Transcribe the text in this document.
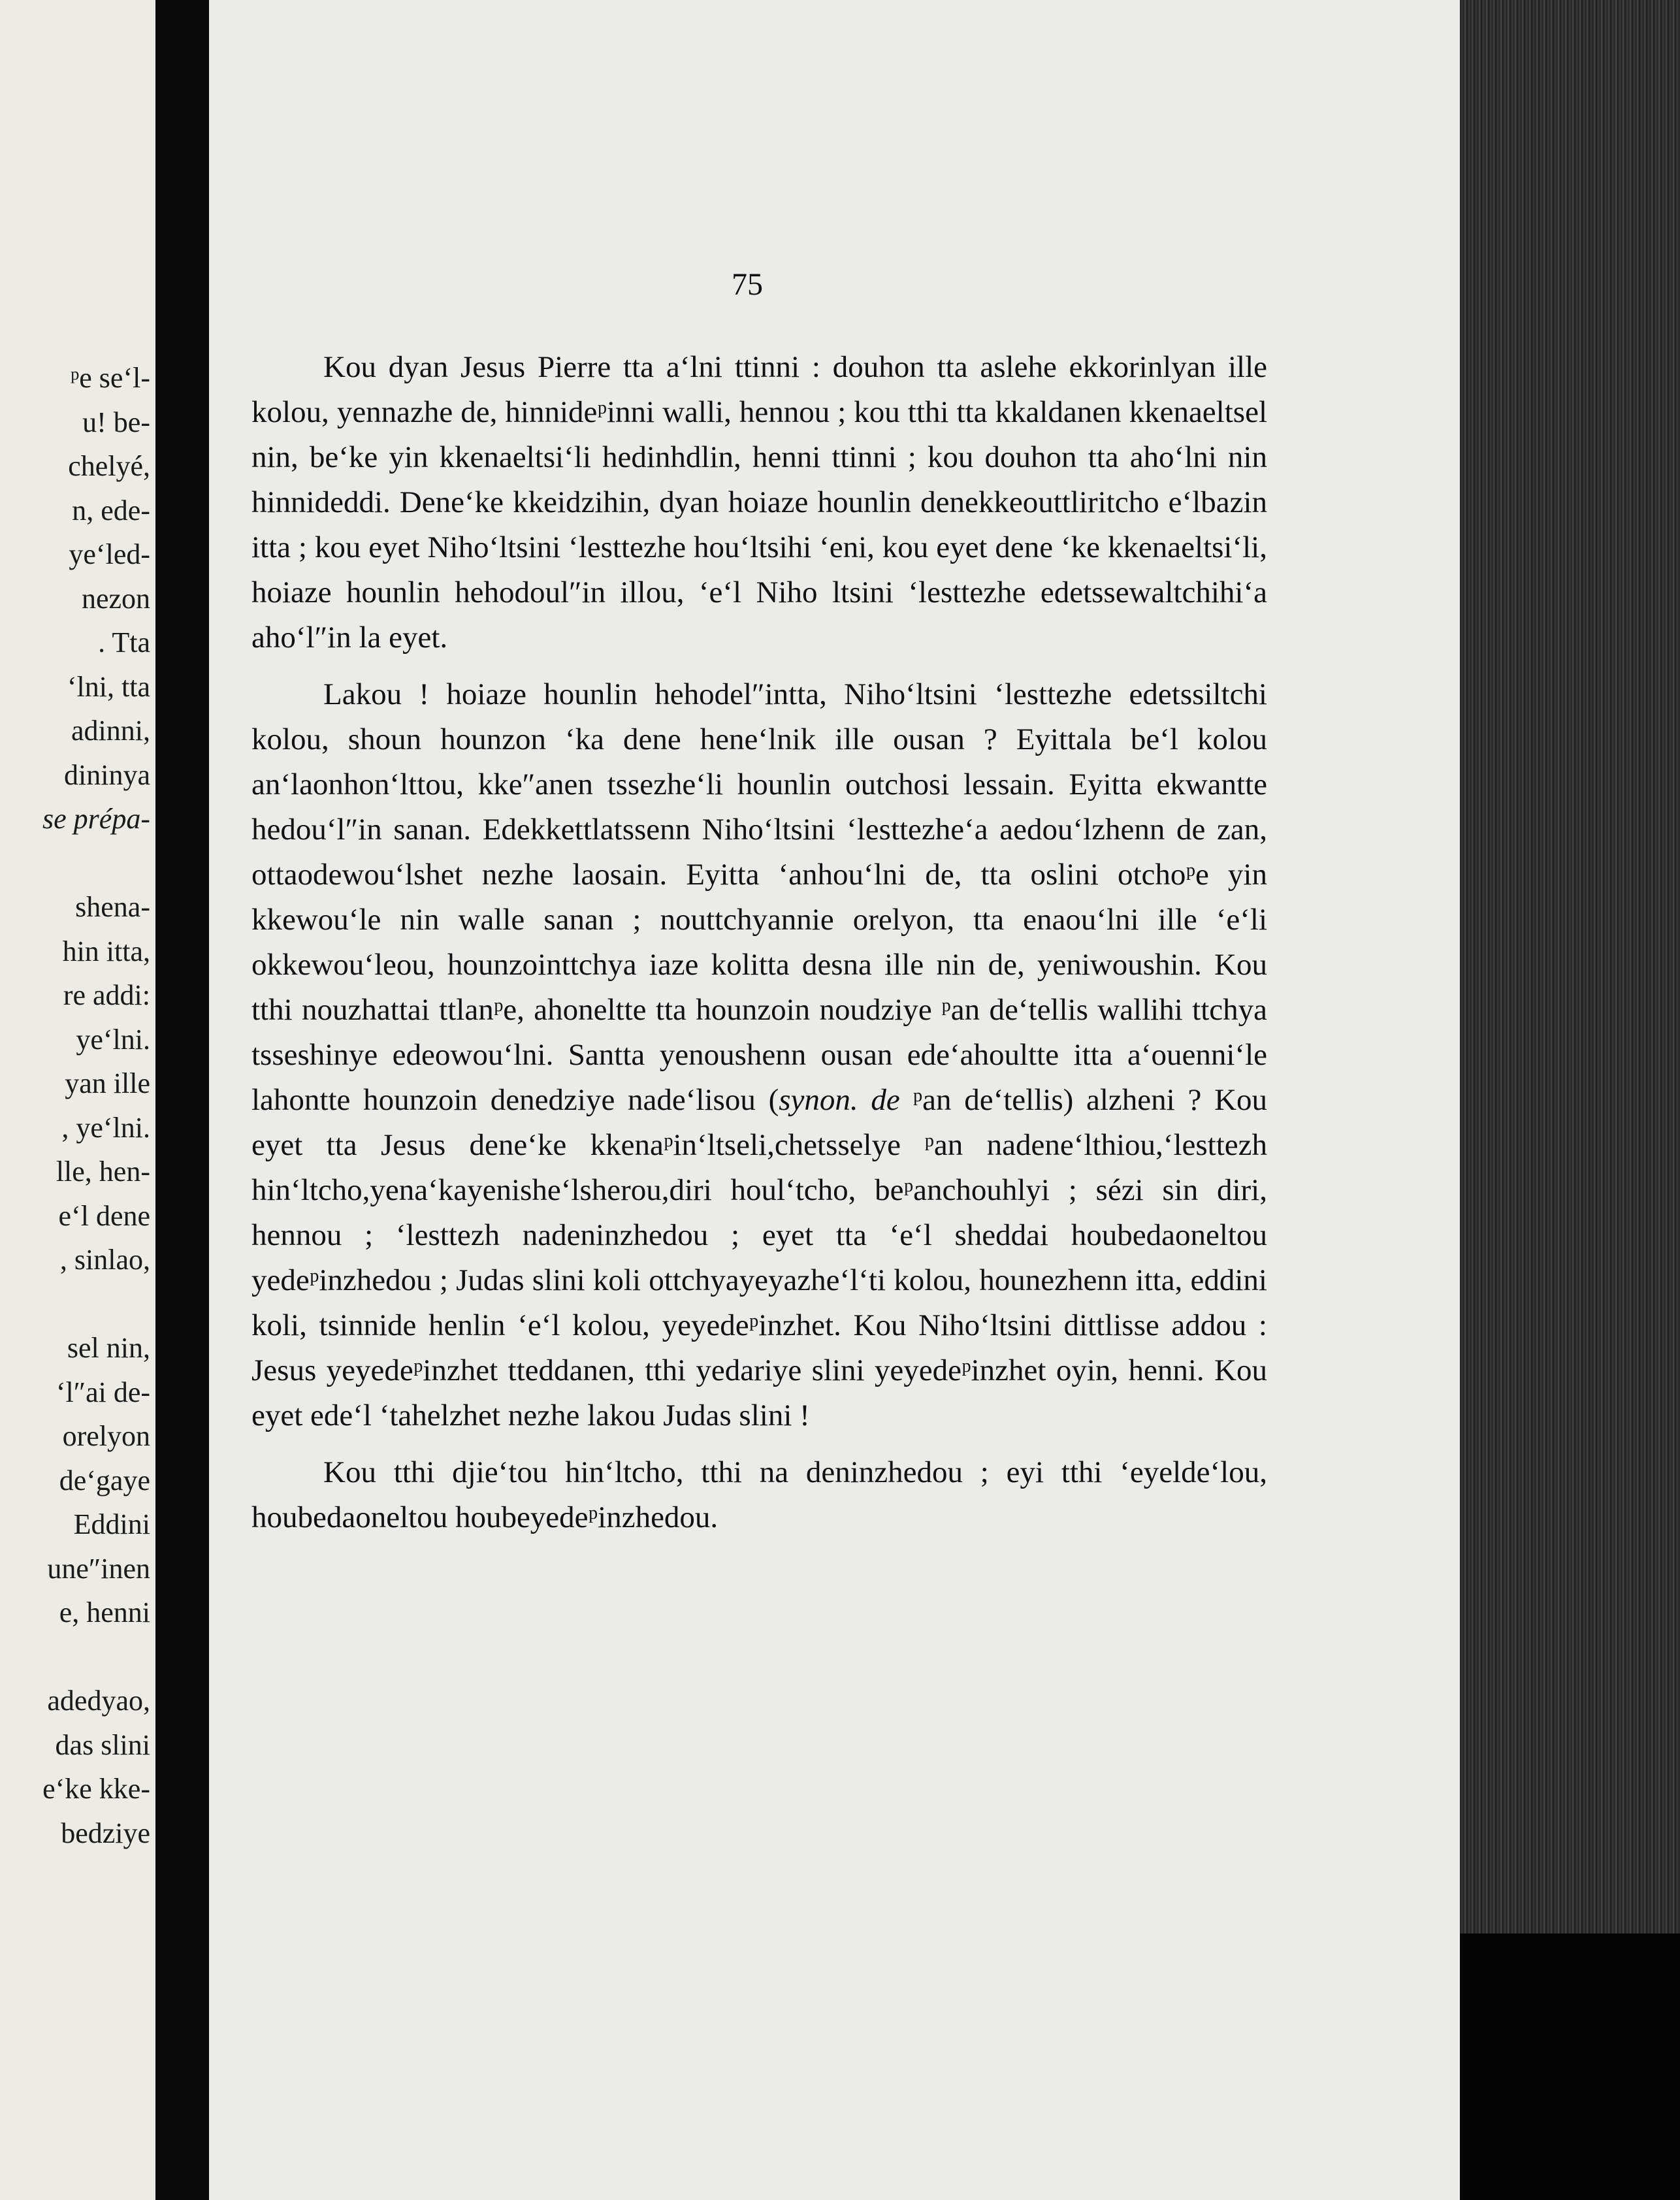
ᵖe se‘l-
u! be-
chelyé,
n, ede-
ye‘led-
nezon
. Tta
‘lni, tta
adinni,
dininya
se prépa-
shena-
hin itta,
re addi:
ye‘lni.
yan ille
, ye‘lni.
lle, hen-
e‘l dene
, sinlao,
sel nin,
‘l″ai de-
orelyon
de‘gaye
Eddini
une″inen
e, henni
adedyao,
das slini
e‘ke kke-
bedziye
75

Kou dyan Jesus Pierre tta a‘lni ttinni : douhon tta aslehe ekkorinlyan ille kolou, yennazhe de, hinnideᵖinni walli, hennou ; kou tthi tta kkaldanen kkenaeltsel nin, be‘ke yin kkenaeltsi‘li hedinhdlin, henni ttinni ; kou douhon tta aho‘lni nin hinnideddi. Dene‘ke kkeidzihin, dyan hoiaze hounlin denekkeouttliritcho e‘lbazin itta ; kou eyet Niho‘ltsini ‘lesttezhe hou‘ltsihi ‘eni, kou eyet dene ‘ke kkenaeltsi‘li, hoiaze hounlin hehodoul″in illou, ‘e‘l Niho ltsini ‘lesttezhe edetssewaltchihi‘a aho‘l″in la eyet.

Lakou ! hoiaze hounlin hehodel″intta, Niho‘ltsini ‘lesttezhe edetssiltchi kolou, shoun hounzon ‘ka dene hene‘lnik ille ousan ? Eyittala be‘l kolou an‘laonhon‘lttou, kke″anen tssezhe‘li hounlin outchosi lessain. Eyitta ekwantte hedou‘l″in sanan. Edekkettlatssenn Niho‘ltsini ‘lesttezhe‘a aedou‘lzhenn de zan, ottaodewou‘lshet nezhe laosain. Eyitta ‘anhou‘lni de, tta oslini otchoᵖe yin kkewou‘le nin walle sanan ; nouttchyannie orelyon, tta enaou‘lni ille ‘e‘li okkewou‘leou, hounzointtchya iaze kolitta desna ille nin de, yeniwoushin. Kou tthi nouzhattai ttlanᵖe, ahoneltte tta hounzoin noudziye ᵖan de‘tellis wallihi ttchya tsseshinye edeowou‘lni. Santta yenoushenn ousan ede‘ahoultte itta a‘ouenni‘le lahontte hounzoin denedziye nade‘lisou (synon. de ᵖan de‘tellis) alzheni ? Kou eyet tta Jesus dene‘ke kkenaᵖin‘ltseli,chetsselye ᵖan nadene‘lthiou,‘lesttezh hin‘ltcho,yena‘kayenishe‘lsherou,diri houl‘tcho, beᵖanchouhlyi ; sézi sin diri, hennou ; ‘lesttezh nadeninzhedou ; eyet tta ‘e‘l sheddai houbedaoneltou yedeᵖinzhedou ; Judas slini koli ottchyayeyazhe‘l‘ti kolou, hounezhenn itta, eddini koli, tsinnide henlin ‘e‘l kolou, yeyedeᵖinzhet. Kou Niho‘ltsini dittlisse addou : Jesus yeyedeᵖinzhet tteddanen, tthi yedariye slini yeyedeᵖinzhet oyin, henni. Kou eyet ede‘l ‘tahelzhet nezhe lakou Judas slini !

Kou tthi djie‘tou hin‘ltcho, tthi na deninzhedou ; eyi tthi ‘eyelde‘lou, houbedaoneltou houbeyedeᵖinzhedou.
